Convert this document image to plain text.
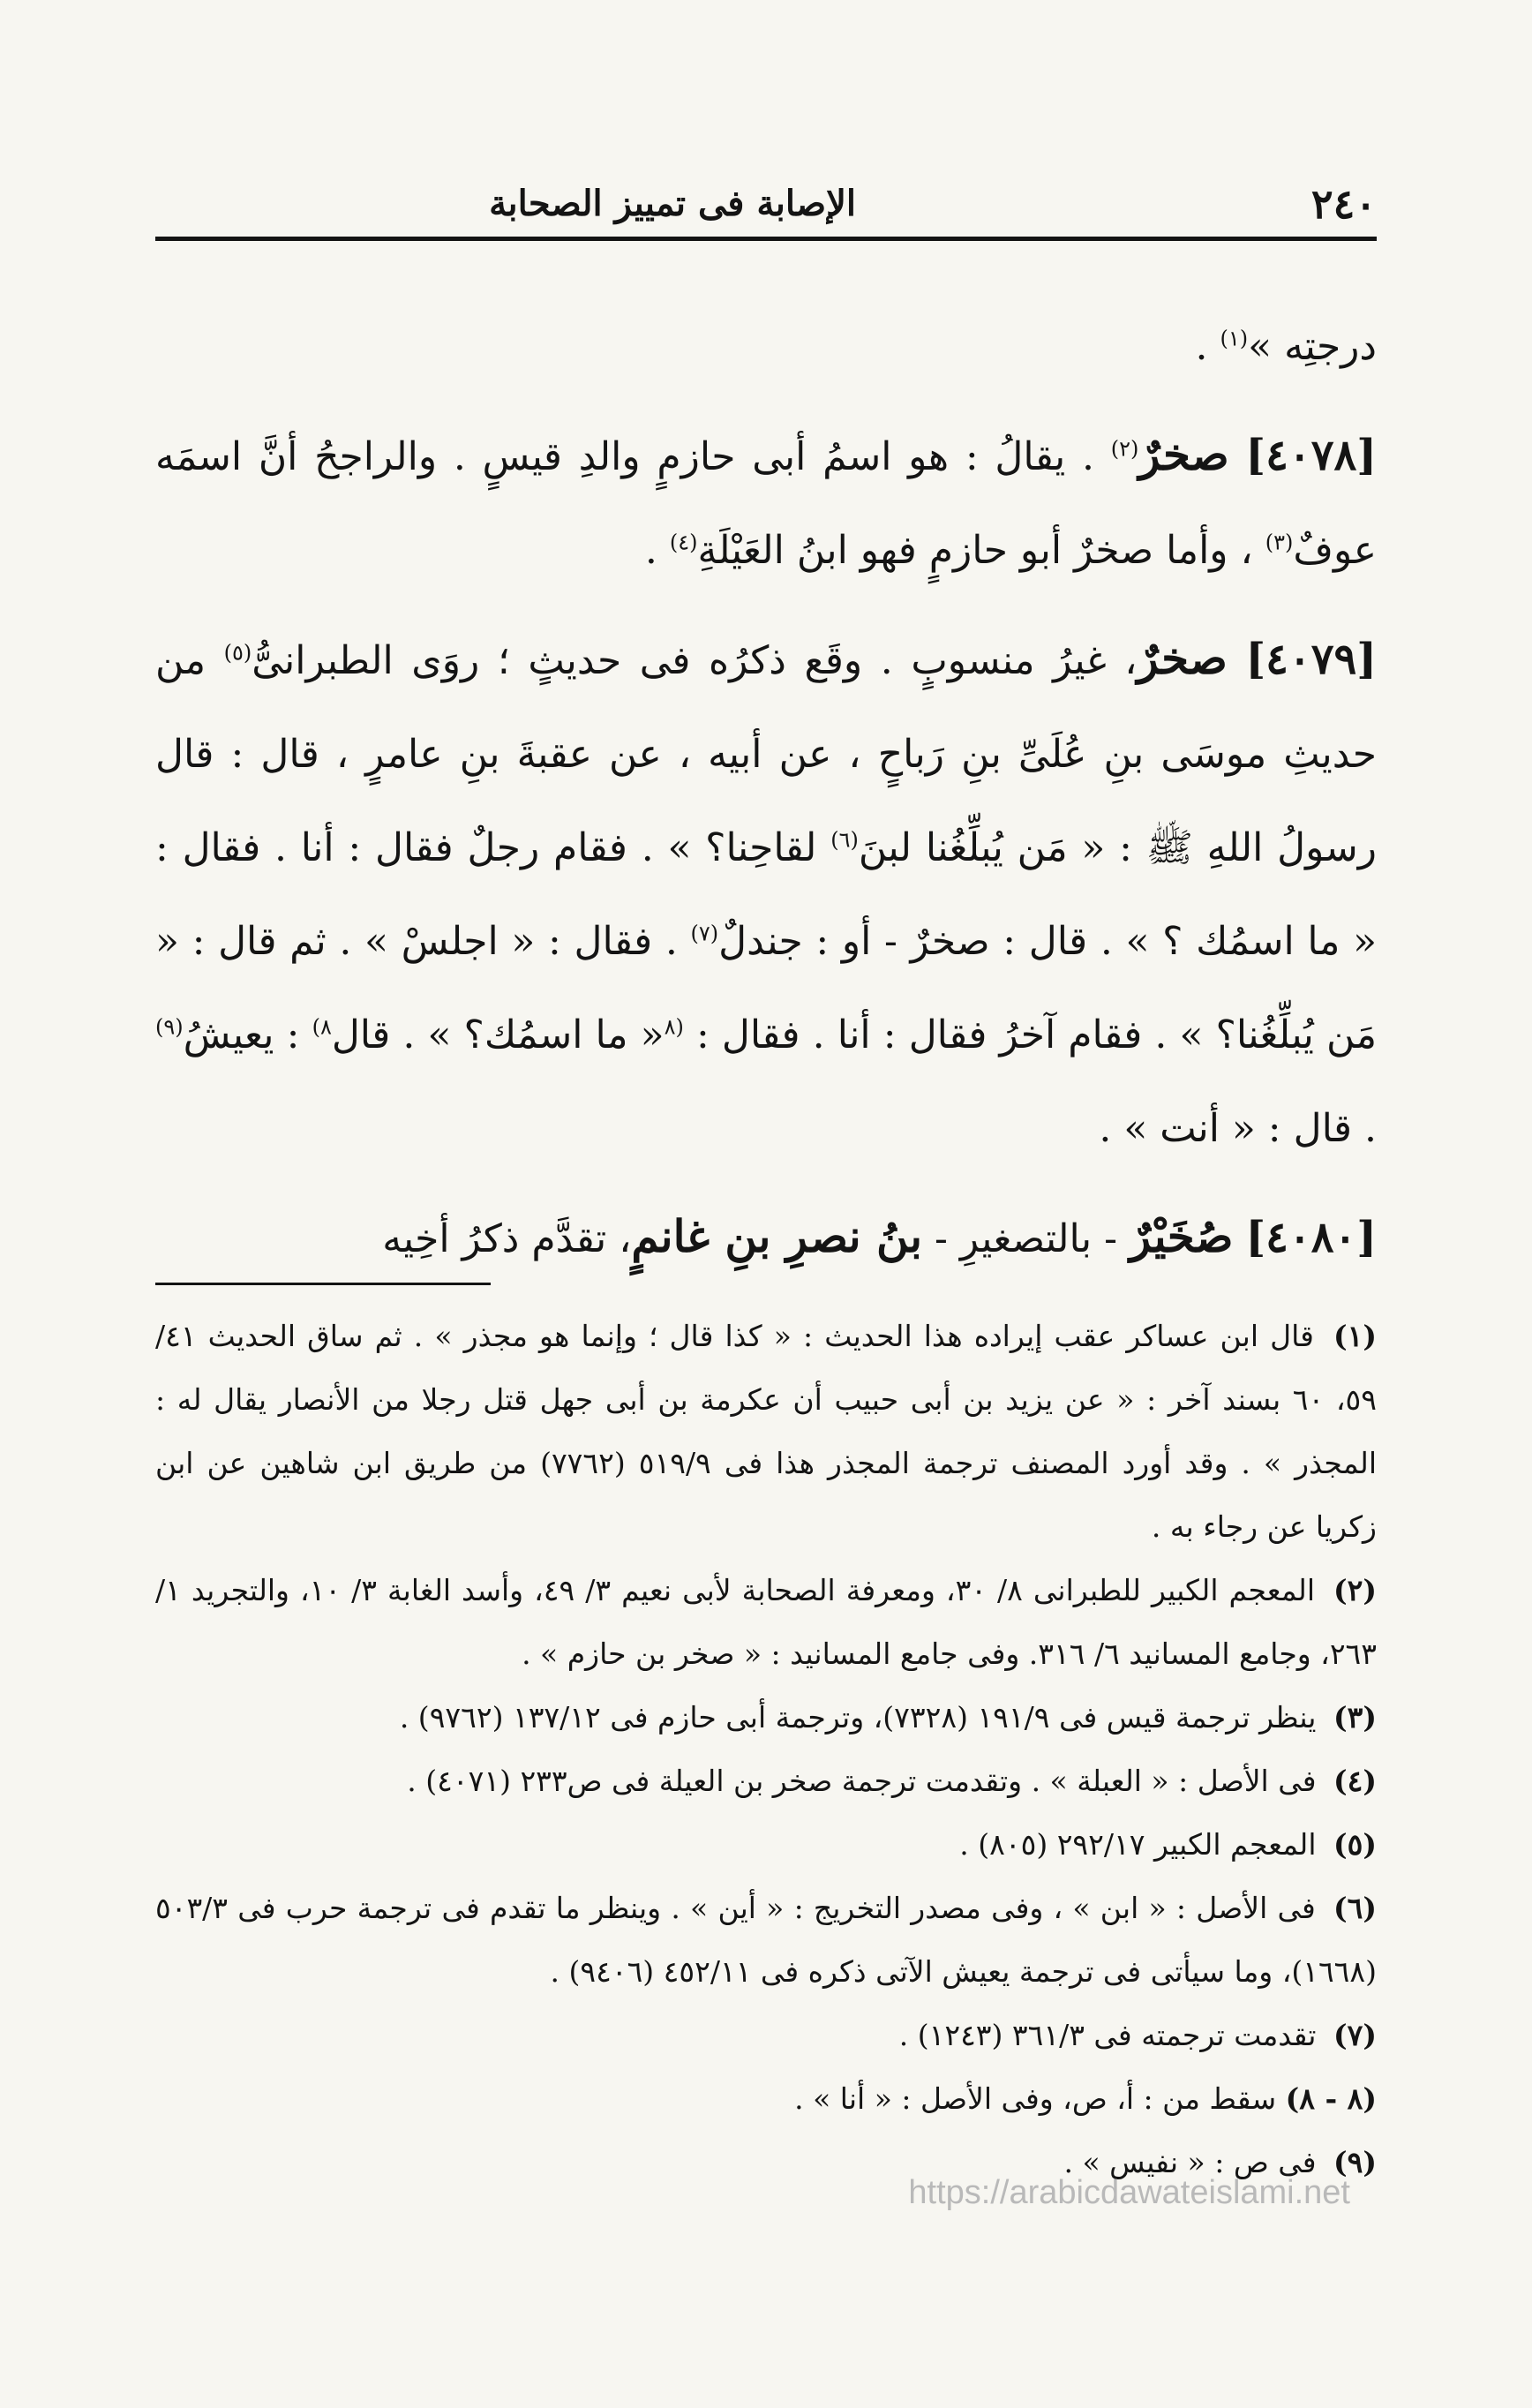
٢٤٠
الإصابة فى تمييز الصحابة

درجتِه »$^{(١)}$ .

[٤٠٧٨] صخرٌ$^{(٢)}$ . يقالُ : هو اسمُ أبى حازمٍ والدِ قيسٍ . والراجحُ أنَّ اسمَه عوفٌ$^{(٣)}$ ، وأما صخرٌ أبو حازمٍ فهو ابنُ العَيْلَةِ$^{(٤)}$ .

[٤٠٧٩] صخرٌ، غيرُ منسوبٍ . وقَع ذكرُه فى حديثٍ ؛ روَى الطبرانىُّ$^{(٥)}$ من حديثِ موسَى بنِ عُلَىِّ بنِ رَباحٍ ، عن أبيه ، عن عقبةَ بنِ عامرٍ ، قال : قال رسولُ اللهِ ﷺ : « مَن يُبلِّغُنا لبنَ$^{(٦)}$ لقاحِنا؟ » . فقام رجلٌ فقال : أنا . فقال : « ما اسمُك ؟ » . قال : صخرٌ - أو : جندلٌ$^{(٧)}$ . فقال : « اجلسْ » . ثم قال : « مَن يُبلِّغُنا؟ » . فقام آخرُ فقال : أنا . فقال : $^{(٨}$« ما اسمُك؟ » . قال$^{٨)}$ : يعيشُ$^{(٩)}$ . قال : « أنت » .

[٤٠٨٠] صُخَيْرٌ - بالتصغيرِ - بنُ نصرِ بنِ غانمٍ، تقدَّم ذكرُ أخِيه

(١) قال ابن عساكر عقب إيراده هذا الحديث : « كذا قال ؛ وإنما هو مجذر » . ثم ساق الحديث ٤١/ ٥٩، ٦٠ بسند آخر : « عن يزيد بن أبى حبيب أن عكرمة بن أبى جهل قتل رجلا من الأنصار يقال له : المجذر » . وقد أورد المصنف ترجمة المجذر هذا فى ٥١٩/٩ (٧٧٦٢) من طريق ابن شاهين عن ابن زكريا عن رجاء به .

(٢) المعجم الكبير للطبرانى ٨/ ٣٠، ومعرفة الصحابة لأبى نعيم ٣/ ٤٩، وأسد الغابة ٣/ ١٠، والتجريد ١/ ٢٦٣، وجامع المسانيد ٦/ ٣١٦. وفى جامع المسانيد : « صخر بن حازم » .

(٣) ينظر ترجمة قيس فى ١٩١/٩ (٧٣٢٨)، وترجمة أبى حازم فى ١٣٧/١٢ (٩٧٦٢) .

(٤) فى الأصل : « العبلة » . وتقدمت ترجمة صخر بن العيلة فى ص٢٣٣ (٤٠٧١) .

(٥) المعجم الكبير ٢٩٢/١٧ (٨٠٥) .

(٦) فى الأصل : « ابن » ، وفى مصدر التخريج : « أين » . وينظر ما تقدم فى ترجمة حرب فى ٥٠٣/٣ (١٦٦٨)، وما سيأتى فى ترجمة يعيش الآتى ذكره فى ٤٥٢/١١ (٩٤٠٦) .

(٧) تقدمت ترجمته فى ٣٦١/٣ (١٢٤٣) .

(٨ - ٨) سقط من : أ، ص، وفى الأصل : « أنا » .

(٩) فى ص : « نفيس » .

https://arabicdawateislami.net
